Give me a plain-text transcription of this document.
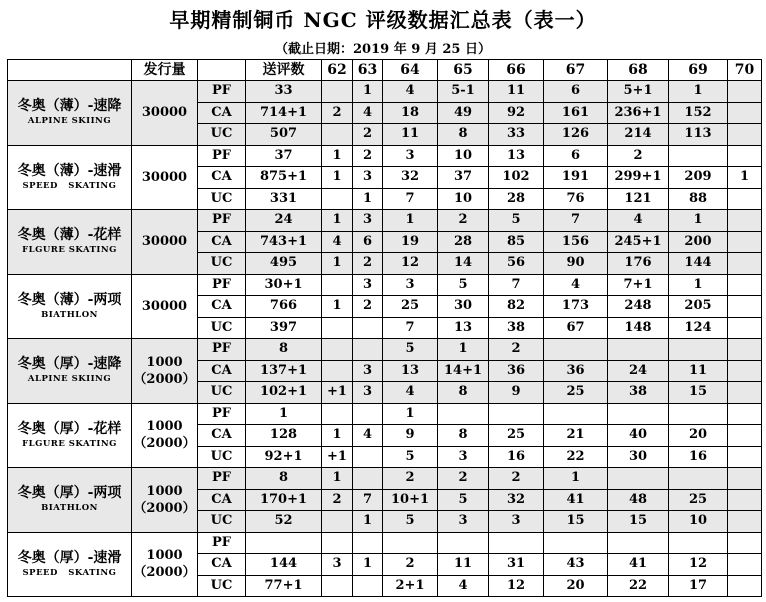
早期精制铜币 NGC 评级数据汇总表（表一）
（截止日期：2019 年 9 月 25 日）
	发行量		送评数	62	63	64	65	66	67	68	69	70

冬奥（薄）-速降
ALPINE SKIING	30000	PF	33		1	4	5-1	11	6	5+1	1	
		CA	714+1	2	4	18	49	92	161	236+1	152	
		UC	507		2	11	8	33	126	214	113	

冬奥（薄）-速滑
SPEED   SKATING	30000	PF	37	1	2	3	10	13	6	2		
		CA	875+1	1	3	32	37	102	191	299+1	209	1
		UC	331		1	7	10	28	76	121	88	

冬奥（薄）-花样
FLGURE SKATING	30000	PF	24	1	3	1	2	5	7	4	1	
		CA	743+1	4	6	19	28	85	156	245+1	200	
		UC	495	1	2	12	14	56	90	176	144	

冬奥（薄）-两项
BIATHLON	30000	PF	30+1		3	3	5	7	4	7+1	1	
		CA	766	1	2	25	30	82	173	248	205	
		UC	397			7	13	38	67	148	124	

冬奥（厚）-速降
ALPINE SKIING	1000
（2000）	PF	8			5	1	2				
		CA	137+1		3	13	14+1	36	36	24	11	
		UC	102+1	+1	3	4	8	9	25	38	15	

冬奥（厚）-花样
FLGURE SKATING	1000
（2000）	PF	1			1						
		CA	128	1	4	9	8	25	21	40	20	
		UC	92+1	+1		5	3	16	22	30	16	

冬奥（厚）-两项
BIATHLON	1000
（2000）	PF	8	1		2	2	2	1			
		CA	170+1	2	7	10+1	5	32	41	48	25	
		UC	52		1	5	3	3	15	15	10	

冬奥（厚）-速滑
SPEED   SKATING	1000
（2000）	PF										
		CA	144	3	1	2	11	31	43	41	12	
		UC	77+1			2+1	4	12	20	22	17	
